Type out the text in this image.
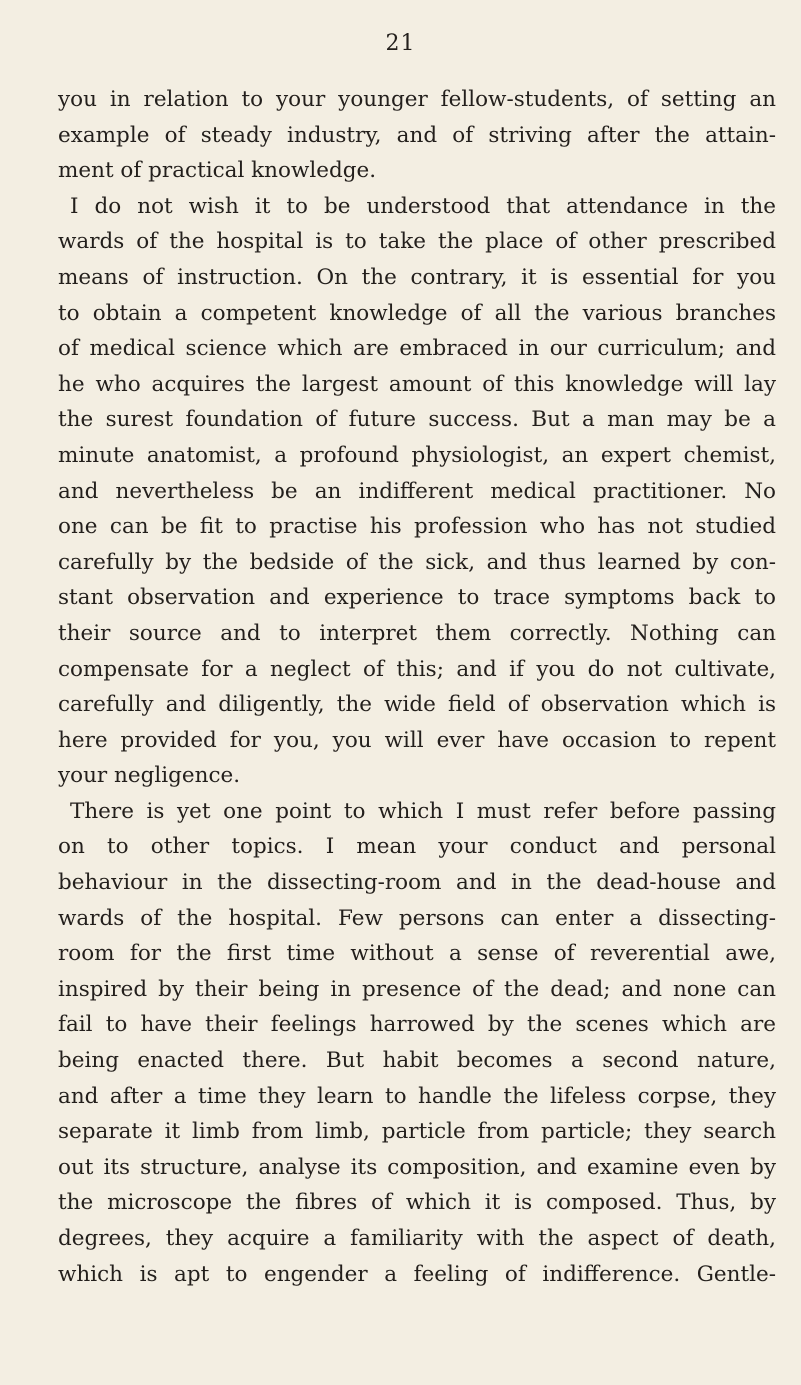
21
you in relation to your younger fellow-students, of setting an
example of steady industry, and of striving after the attain-
ment of practical knowledge.
I do not wish it to be understood that attendance in the
wards of the hospital is to take the place of other prescribed
means of instruction. On the contrary, it is essential for you
to obtain a competent knowledge of all the various branches
of medical science which are embraced in our curriculum; and
he who acquires the largest amount of this knowledge will lay
the surest foundation of future success. But a man may be a
minute anatomist, a profound physiologist, an expert chemist,
and nevertheless be an indifferent medical practitioner. No
one can be fit to practise his profession who has not studied
carefully by the bedside of the sick, and thus learned by con-
stant observation and experience to trace symptoms back to
their source and to interpret them correctly. Nothing can
compensate for a neglect of this; and if you do not cultivate,
carefully and diligently, the wide field of observation which is
here provided for you, you will ever have occasion to repent
your negligence.
There is yet one point to which I must refer before passing
on to other topics. I mean your conduct and personal
behaviour in the dissecting-room and in the dead-house and
wards of the hospital. Few persons can enter a dissecting-
room for the first time without a sense of reverential awe,
inspired by their being in presence of the dead; and none can
fail to have their feelings harrowed by the scenes which are
being enacted there. But habit becomes a second nature,
and after a time they learn to handle the lifeless corpse, they
separate it limb from limb, particle from particle; they search
out its structure, analyse its composition, and examine even by
the microscope the fibres of which it is composed. Thus, by
degrees, they acquire a familiarity with the aspect of death,
which is apt to engender a feeling of indifference. Gentle-
